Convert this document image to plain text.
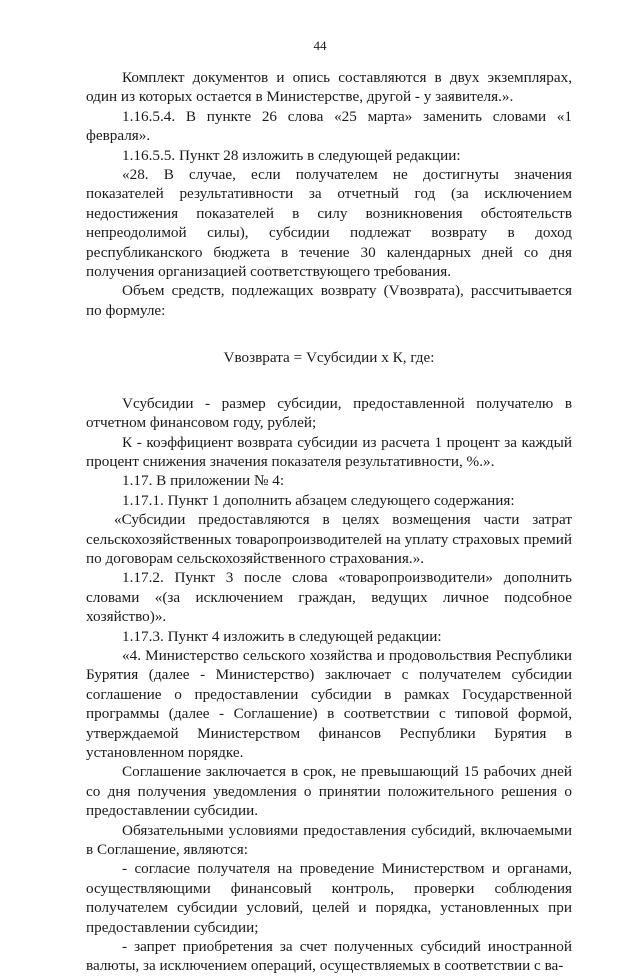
44

Комплект документов и опись составляются в двух экземплярах, один из которых остается в Министерстве, другой - у заявителя.».

1.16.5.4. В пункте 26 слова «25 марта» заменить словами «1 февраля».

1.16.5.5. Пункт 28 изложить в следующей редакции:

«28. В случае, если получателем не достигнуты значения показателей результативности за отчетный год (за исключением недостижения показателей в силу возникновения обстоятельств непреодолимой силы), субсидии подлежат возврату в доход республиканского бюджета в течение 30 календарных дней со дня получения организацией соответствующего требования.

Объем средств, подлежащих возврату (Vвозврата), рассчитывается по формуле:

Vвозврата = Vсубсидии х К, где:

Vсубсидии - размер субсидии, предоставленной получателю в отчетном финансовом году, рублей;

К - коэффициент возврата субсидии из расчета 1 процент за каждый процент снижения значения показателя результативности, %.».

1.17. В приложении № 4:

1.17.1. Пункт 1 дополнить абзацем следующего содержания:

«Субсидии предоставляются в целях возмещения части затрат сельскохозяйственных товаропроизводителей на уплату страховых премий по договорам сельскохозяйственного страхования.».

1.17.2. Пункт 3 после слова «товаропроизводители» дополнить словами «(за исключением граждан, ведущих личное подсобное хозяйство)».

1.17.3. Пункт 4 изложить в следующей редакции:

«4. Министерство сельского хозяйства и продовольствия Республики Бурятия (далее - Министерство) заключает с получателем субсидии соглашение о предоставлении субсидии в рамках Государственной программы (далее - Соглашение) в соответствии с типовой формой, утверждаемой Министерством финансов Республики Бурятия в установленном порядке.

Соглашение заключается в срок, не превышающий 15 рабочих дней со дня получения уведомления о принятии положительного решения о предоставлении субсидии.

Обязательными условиями предоставления субсидий, включаемыми в Соглашение, являются:

- согласие получателя на проведение Министерством и органами, осуществляющими финансовый контроль, проверки соблюдения получателем субсидии условий, целей и порядка, установленных при предоставлении субсидии;

- запрет приобретения за счет полученных субсидий иностранной валюты, за исключением операций, осуществляемых в соответствии с ва-
